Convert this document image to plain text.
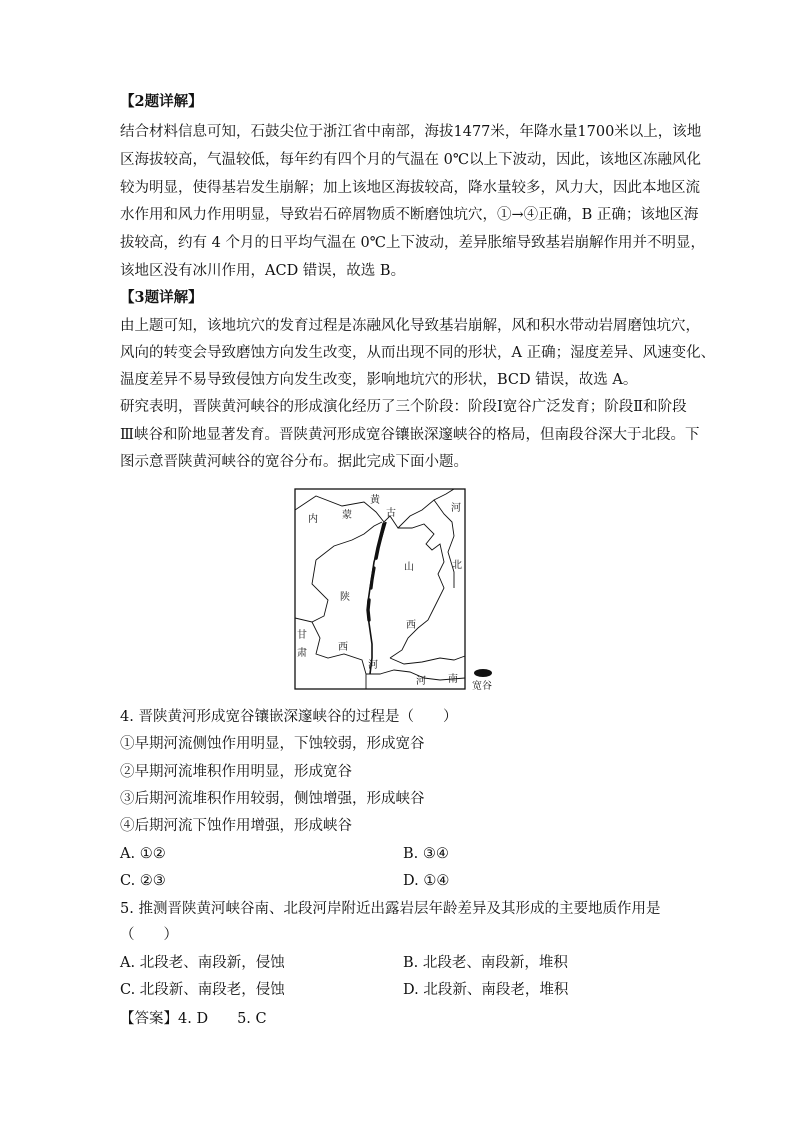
【2题详解】
结合材料信息可知，石鼓尖位于浙江省中南部，海拔1477米，年降水量1700米以上，该地
区海拔较高，气温较低，每年约有四个月的气温在 0℃以上下波动，因此，该地区冻融风化
较为明显，使得基岩发生崩解；加上该地区海拔较高，降水量较多，风力大，因此本地区流
水作用和风力作用明显，导致岩石碎屑物质不断磨蚀坑穴，①→④正确，B 正确；该地区海
拔较高，约有 4 个月的日平均气温在 0℃上下波动，差异胀缩导致基岩崩解作用并不明显，
该地区没有冰川作用，ACD 错误，故选 B。
【3题详解】
由上题可知，该地坑穴的发育过程是冻融风化导致基岩崩解，风和积水带动岩屑磨蚀坑穴，
风向的转变会导致磨蚀方向发生改变，从而出现不同的形状，A 正确；湿度差异、风速变化、
温度差异不易导致侵蚀方向发生改变，影响地坑穴的形状，BCD 错误，故选 A。
研究表明，晋陕黄河峡谷的形成演化经历了三个阶段：阶段Ⅰ宽谷广泛发育；阶段Ⅱ和阶段
Ⅲ峡谷和阶地显著发育。晋陕黄河形成宽谷镶嵌深邃峡谷的格局，但南段谷深大于北段。下
图示意晋陕黄河峡谷的宽谷分布。据此完成下面小题。
黄
河
内 蒙	古
北
山
陕
西
西
甘
肃
河
河 南
宽谷
4. 晋陕黄河形成宽谷镶嵌深邃峡谷的过程是（　　）
①早期河流侧蚀作用明显，下蚀较弱，形成宽谷
②早期河流堆积作用明显，形成宽谷
③后期河流堆积作用较弱，侧蚀增强，形成峡谷
④后期河流下蚀作用增强，形成峡谷
A. ①②	B. ③④
C. ②③	D. ①④
5. 推测晋陕黄河峡谷南、北段河岸附近出露岩层年龄差异及其形成的主要地质作用是
（　　）
A. 北段老、南段新，侵蚀	B. 北段老、南段新，堆积
C. 北段新、南段老，侵蚀	D. 北段新、南段老，堆积
【答案】4. D　　5. C
